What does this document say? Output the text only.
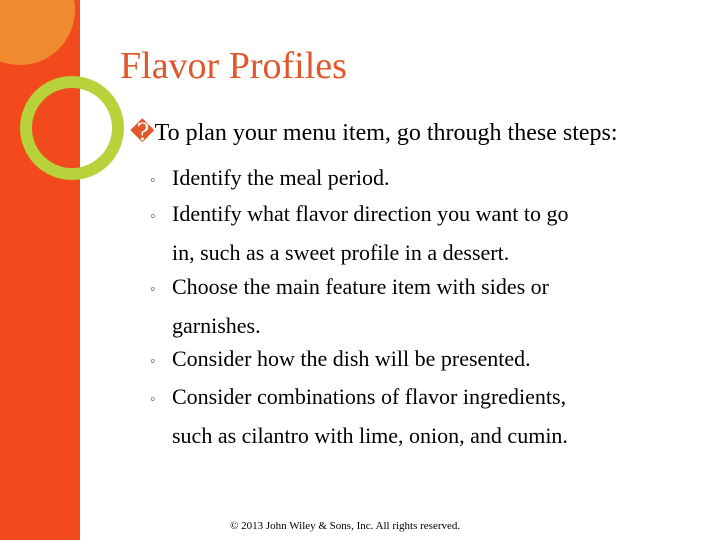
Flavor Profiles
�To plan your menu item, go through these steps:
◦ Identify the meal period.
◦ Identify what flavor direction you want to go
in, such as a sweet profile in a dessert.
◦ Choose the main feature item with sides or
garnishes.
◦ Consider how the dish will be presented.
◦ Consider combinations of flavor ingredients,
such as cilantro with lime, onion, and cumin.
© 2013 John Wiley & Sons, Inc. All rights reserved.
